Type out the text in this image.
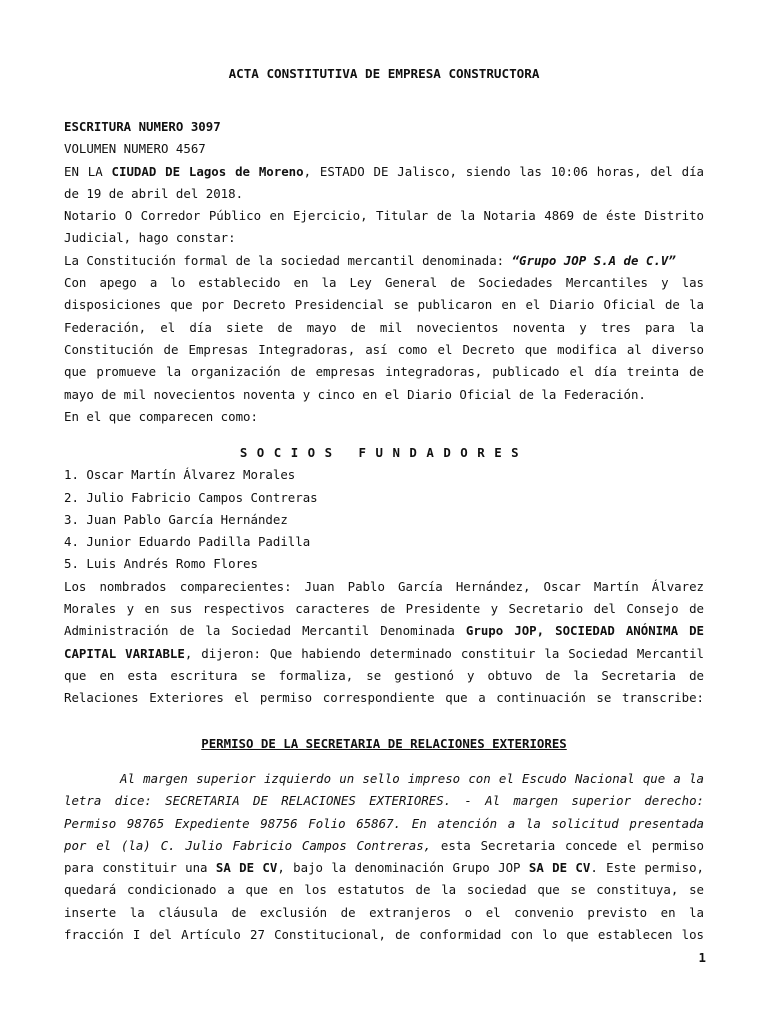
ACTA CONSTITUTIVA DE EMPRESA CONSTRUCTORA
ESCRITURA NUMERO 3097
VOLUMEN NUMERO 4567
EN LA CIUDAD DE Lagos de Moreno, ESTADO DE Jalisco, siendo las 10:06 horas, del día
de 19 de abril del 2018.
Notario O Corredor Público en Ejercicio, Titular de la Notaria 4869 de éste Distrito
Judicial, hago constar:
La Constitución formal de la sociedad mercantil denominada: “Grupo JOP S.A de C.V”
Con apego a lo establecido en la Ley General de Sociedades Mercantiles y las
disposiciones que por Decreto Presidencial se publicaron en el Diario Oficial de la
Federación, el día siete de mayo de mil novecientos noventa y tres para la
Constitución de Empresas Integradoras, así como el Decreto que modifica al diverso
que promueve la organización de empresas integradoras, publicado el día treinta de
mayo de mil novecientos noventa y cinco en el Diario Oficial de la Federación.
En el que comparecen como:
SOCIOS FUNDADORES
1. Oscar Martín Álvarez Morales
2. Julio Fabricio Campos Contreras
3. Juan Pablo García Hernández
4. Junior Eduardo Padilla Padilla
5. Luis Andrés Romo Flores
Los nombrados comparecientes: Juan Pablo García Hernández, Oscar Martín Álvarez
Morales y en sus respectivos caracteres de Presidente y Secretario del Consejo de
Administración de la Sociedad Mercantil Denominada Grupo JOP, SOCIEDAD ANÓNIMA DE
CAPITAL VARIABLE, dijeron: Que habiendo determinado constituir la Sociedad Mercantil
que en esta escritura se formaliza, se gestionó y obtuvo de la Secretaria de
Relaciones Exteriores el permiso correspondiente que a continuación se transcribe:
PERMISO DE LA SECRETARIA DE RELACIONES EXTERIORES
Al margen superior izquierdo un sello impreso con el Escudo Nacional que a la
letra dice: SECRETARIA DE RELACIONES EXTERIORES. - Al margen superior derecho:
Permiso 98765 Expediente 98756 Folio 65867. En atención a la solicitud presentada
por el (la) C. Julio Fabricio Campos Contreras, esta Secretaria concede el permiso
para constituir una SA DE CV, bajo la denominación Grupo JOP SA DE CV. Este permiso,
quedará condicionado a que en los estatutos de la sociedad que se constituya, se
inserte la cláusula de exclusión de extranjeros o el convenio previsto en la
fracción I del Artículo 27 Constitucional, de conformidad con lo que establecen los
1
